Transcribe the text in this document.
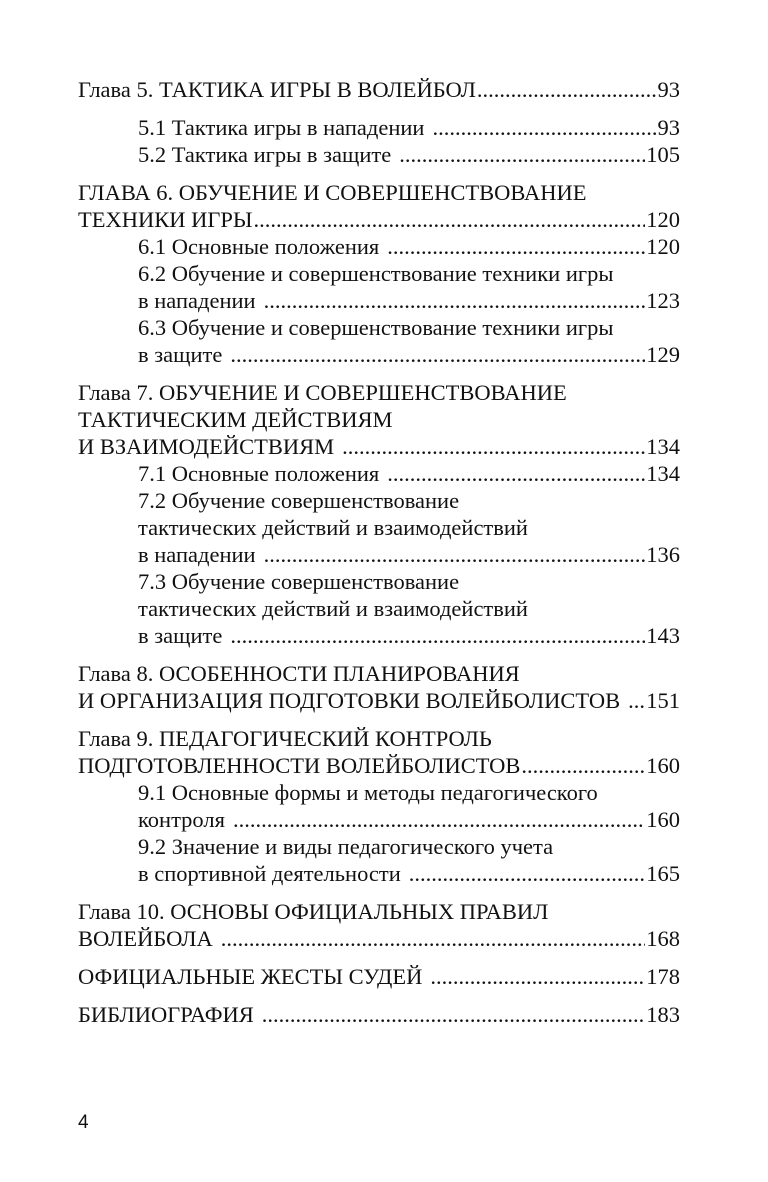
Глава 5. ТАКТИКА ИГРЫ В ВОЛЕЙБОЛ .....	93
5.1 Тактика игры в нападении .....	93
5.2 Тактика игры в защите .....	105
ГЛАВА 6. ОБУЧЕНИЕ И СОВЕРШЕНСТВОВАНИЕ
ТЕХНИКИ ИГРЫ .....	120
6.1 Основные положения .....	120
6.2 Обучение и совершенствование техники игры
в нападении .....	123
6.3 Обучение и совершенствование техники игры
в защите .....	129
Глава 7. ОБУЧЕНИЕ И СОВЕРШЕНСТВОВАНИЕ
ТАКТИЧЕСКИМ ДЕЙСТВИЯМ
И ВЗАИМОДЕЙСТВИЯМ .....	134
7.1 Основные положения .....	134
7.2 Обучение совершенствование
тактических действий и взаимодействий
в нападении .....	136
7.3 Обучение совершенствование
тактических действий и взаимодействий
в защите .....	143
Глава 8. ОСОБЕННОСТИ ПЛАНИРОВАНИЯ
И ОРГАНИЗАЦИЯ ПОДГОТОВКИ ВОЛЕЙБОЛИСТОВ .....	151
Глава 9. ПЕДАГОГИЧЕСКИЙ КОНТРОЛЬ
ПОДГОТОВЛЕННОСТИ ВОЛЕЙБОЛИСТОВ .....	160
9.1 Основные формы и методы педагогического
контроля .....	160
9.2 Значение и виды педагогического учета
в спортивной деятельности .....	165
Глава 10. ОСНОВЫ ОФИЦИАЛЬНЫХ ПРАВИЛ
ВОЛЕЙБОЛА .....	168
ОФИЦИАЛЬНЫЕ ЖЕСТЫ СУДЕЙ .....	178
БИБЛИОГРАФИЯ .....	183
4
